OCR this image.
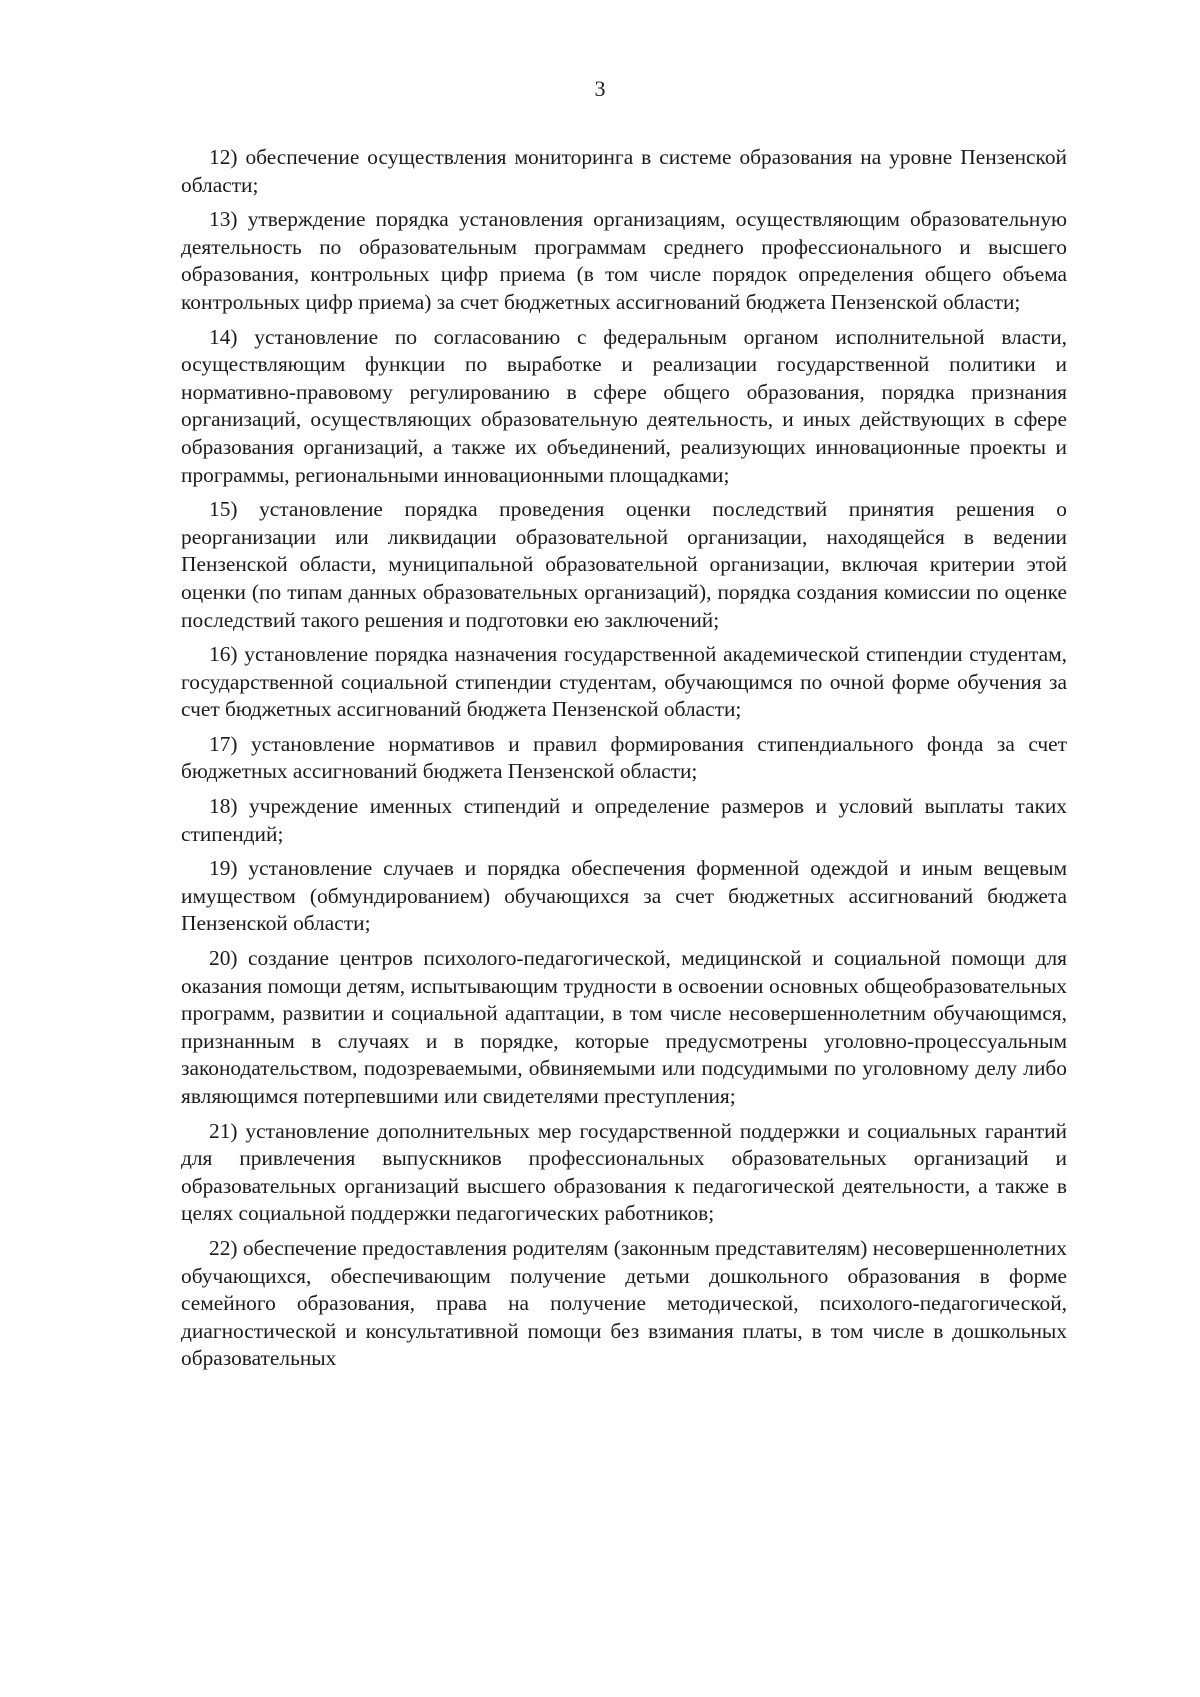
3

12) обеспечение осуществления мониторинга в системе образования на уровне Пензенской области;

13) утверждение порядка установления организациям, осуществляющим образовательную деятельность по образовательным программам среднего профессионального и высшего образования, контрольных цифр приема (в том числе порядок определения общего объема контрольных цифр приема) за счет бюджетных ассигнований бюджета Пензенской области;

14) установление по согласованию с федеральным органом исполнительной власти, осуществляющим функции по выработке и реализации государственной политики и нормативно-правовому регулированию в сфере общего образования, порядка признания организаций, осуществляющих образовательную деятельность, и иных действующих в сфере образования организаций, а также их объединений, реализующих инновационные проекты и программы, региональными инновационными площадками;

15) установление порядка проведения оценки последствий принятия решения о реорганизации или ликвидации образовательной организации, находящейся в ведении Пензенской области, муниципальной образовательной организации, включая критерии этой оценки (по типам данных образовательных организаций), порядка создания комиссии по оценке последствий такого решения и подготовки ею заключений;

16) установление порядка назначения государственной академической стипендии студентам, государственной социальной стипендии студентам, обучающимся по очной форме обучения за счет бюджетных ассигнований бюджета Пензенской области;

17) установление нормативов и правил формирования стипендиального фонда за счет бюджетных ассигнований бюджета Пензенской области;

18) учреждение именных стипендий и определение размеров и условий выплаты таких стипендий;

19) установление случаев и порядка обеспечения форменной одеждой и иным вещевым имуществом (обмундированием) обучающихся за счет бюджетных ассигнований бюджета Пензенской области;

20) создание центров психолого-педагогической, медицинской и социальной помощи для оказания помощи детям, испытывающим трудности в освоении основных общеобразовательных программ, развитии и социальной адаптации, в том числе несовершеннолетним обучающимся, признанным в случаях и в порядке, которые предусмотрены уголовно-процессуальным законодательством, подозреваемыми, обвиняемыми или подсудимыми по уголовному делу либо являющимся потерпевшими или свидетелями преступления;

21) установление дополнительных мер государственной поддержки и социальных гарантий для привлечения выпускников профессиональных образовательных организаций и образовательных организаций высшего образования к педагогической деятельности, а также в целях социальной поддержки педагогических работников;

22) обеспечение предоставления родителям (законным представителям) несовершеннолетних обучающихся, обеспечивающим получение детьми дошкольного образования в форме семейного образования, права на получение методической, психолого-педагогической, диагностической и консультативной помощи без взимания платы, в том числе в дошкольных образовательных
